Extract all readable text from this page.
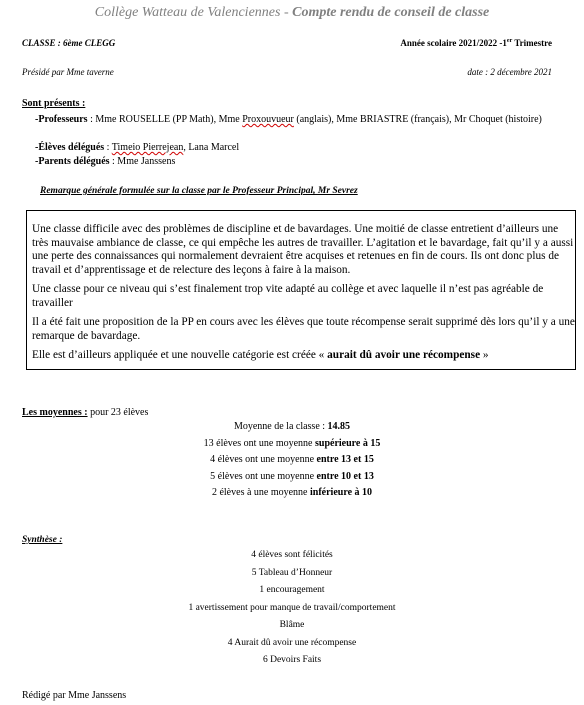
Collège Watteau de Valenciennes - Compte rendu de conseil de classe
CLASSE : 6ème CLEGG	Année scolaire 2021/2022 -1er Trimestre
Présidé par Mme taverne	date : 2 décembre 2021
Sont présents :
-Professeurs : Mme ROUSELLE (PP Math), Mme Proxouvueur (anglais), Mme BRIASTRE (français), Mr Choquet (histoire)
-Élèves délégués : Timeio Pierrejean, Lana Marcel
-Parents délégués : Mme Janssens
Remarque générale formulée sur la classe par le Professeur Principal, Mr Sevrez

Une classe difficile avec des problèmes de discipline et de bavardages. Une moitié de classe entretient d’ailleurs une très mauvaise ambiance de classe, ce qui empêche les autres de travailler. L’agitation et le bavardage, fait qu’il y a aussi une perte des connaissances qui normalement devraient être acquises et retenues en fin de cours. Ils ont donc plus de travail et d’apprentissage et de relecture des leçons à faire à la maison.

Une classe pour ce niveau qui s’est finalement trop vite adapté au collège et avec laquelle il n’est pas agréable de travailler

Il a été fait une proposition de la PP en cours avec les élèves que toute récompense serait supprimé dès lors qu’il y a une remarque de bavardage.

Elle est d’ailleurs appliquée et une nouvelle catégorie est créée « aurait dû avoir une récompense »

Les moyennes : pour 23 élèves
Moyenne de la classe : 14.85
13 élèves ont une moyenne supérieure à 15
4 élèves ont une moyenne entre 13 et 15
5 élèves ont une moyenne entre 10 et 13
2 élèves à une moyenne inférieure à 10
Synthèse :
4 élèves sont félicités
5 Tableau d’Honneur
1 encouragement
1 avertissement pour manque de travail/comportement
Blâme
4 Aurait dû avoir une récompense
6 Devoirs Faits
Rédigé par Mme Janssens
